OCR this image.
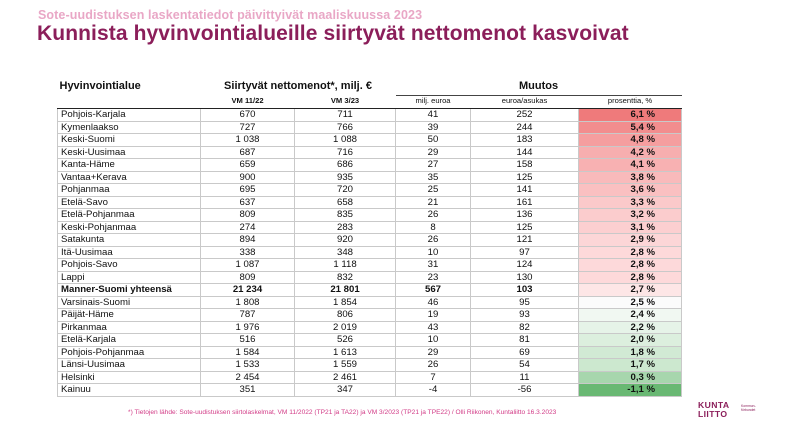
Sote-uudistuksen laskentatiedot päivittyivät maaliskuussa 2023
Kunnista hyvinvointialueille siirtyvät nettomenot kasvoivat
Hyvinvointialue	Siirtyvät nettomenot*, milj. €		Muutos		
	VM 11/22	VM 3/23	milj. euroa	euroa/asukas	prosenttia, %
Pohjois-Karjala	670	711	41	252	6,1 %
Kymenlaakso	727	766	39	244	5,4 %
Keski-Suomi	1 038	1 088	50	183	4,8 %
Keski-Uusimaa	687	716	29	144	4,2 %
Kanta-Häme	659	686	27	158	4,1 %
Vantaa+Kerava	900	935	35	125	3,8 %
Pohjanmaa	695	720	25	141	3,6 %
Etelä-Savo	637	658	21	161	3,3 %
Etelä-Pohjanmaa	809	835	26	136	3,2 %
Keski-Pohjanmaa	274	283	8	125	3,1 %
Satakunta	894	920	26	121	2,9 %
Itä-Uusimaa	338	348	10	97	2,8 %
Pohjois-Savo	1 087	1 118	31	124	2,8 %
Lappi	809	832	23	130	2,8 %
Manner-Suomi yhteensä	21 234	21 801	567	103	2,7 %
Varsinais-Suomi	1 808	1 854	46	95	2,5 %
Päijät-Häme	787	806	19	93	2,4 %
Pirkanmaa	1 976	2 019	43	82	2,2 %
Etelä-Karjala	516	526	10	81	2,0 %
Pohjois-Pohjanmaa	1 584	1 613	29	69	1,8 %
Länsi-Uusimaa	1 533	1 559	26	54	1,7 %
Helsinki	2 454	2 461	7	11	0,3 %
Kainuu	351	347	-4	-56	-1,1 %
*) Tietojen lähde: Sote-uudistuksen siirtolaskelmat, VM 11/2022 (TP21 ja TA22) ja VM 3/2023 (TP21 ja TPE22) / Olli Riikonen, Kuntaliitto 16.3.2023
KUNTA
LIITTO
Kommun- förbundet
